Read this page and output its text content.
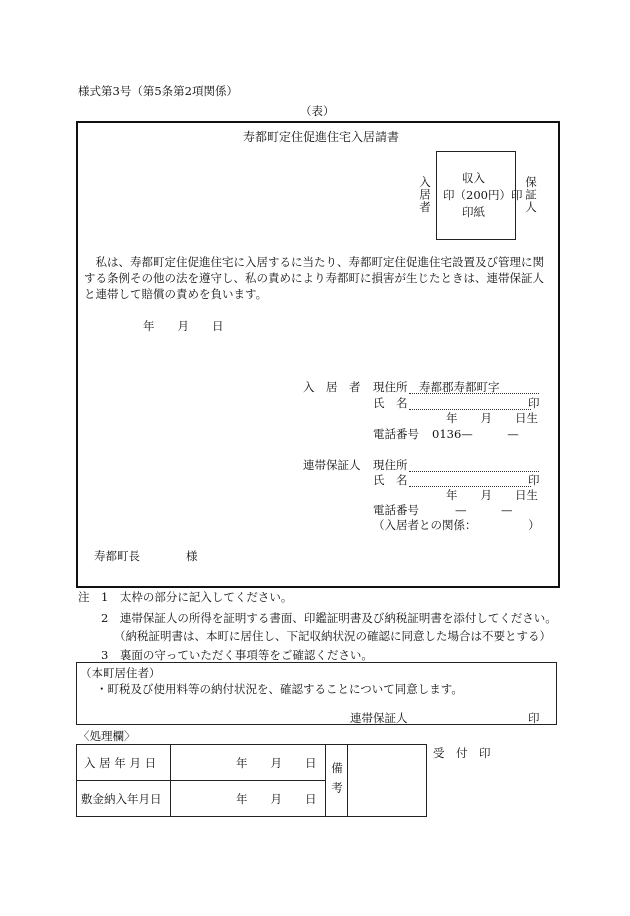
様式第3号（第5条第2項関係）
（表）
寿都町定住促進住宅入居請書
入居者	収入
印（200円）印
印紙	保証人
　私は、寿都町定住促進住宅に入居するに当たり、寿都町定住促進住宅設置及び管理に関する条例その他の法を遵守し、私の責めにより寿都町に損害が生じたときは、連帯保証人と連帯して賠償の責めを負います。
年　　月　　日
入　居　者 現住所 寿都郡寿都町字
氏　名	印
年　　月　　日生
電話番号 0136—　　　—
連帯保証人 現住所
氏　名	印
年　　月　　日生
電話番号	—　　　—
（入居者との関係：　　　　　）
寿都町長　　　　様
注 1　太枠の部分に記入してください。
2　連帯保証人の所得を証明する書面、印鑑証明書及び納税証明書を添付してください。
（納税証明書は、本町に居住し、下記収納状況の確認に同意した場合は不要とする）
3　裏面の守っていただく事項等をご確認ください。
（本町居住者）
・町税及び使用料等の納付状況を、確認することについて同意します。
連帯保証人	印
〈処理欄〉
入 居 年 月 日	年　　月　　日
敷金納入年月日	年　　月　　日 備考
受　付　印
